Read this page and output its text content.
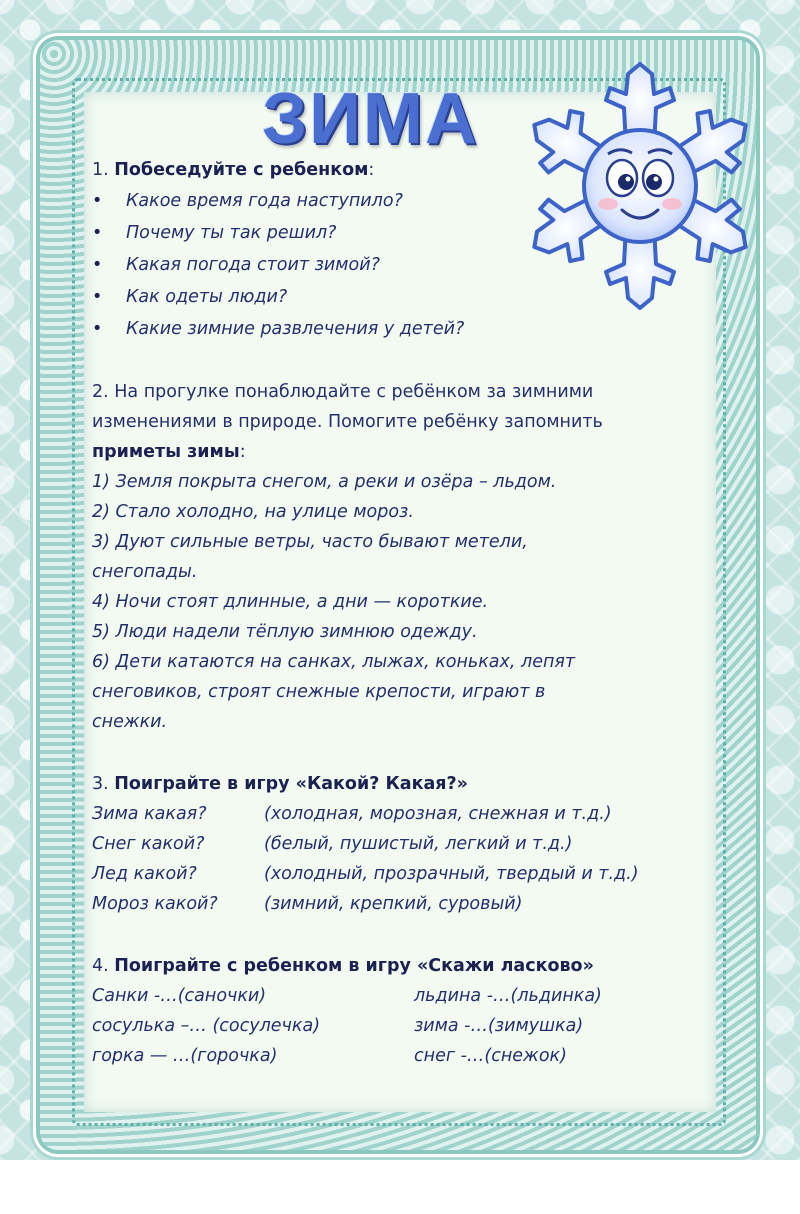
ЗИМА
1. Побеседуйте с ребенком:
• Какое время года наступило?
• Почему ты так решил?
• Какая погода стоит зимой?
• Как одеты люди?
• Какие зимние развлечения у детей?
2. На прогулке понаблюдайте с ребёнком за зимними
изменениями в природе. Помогите ребёнку запомнить
приметы зимы:
1) Земля покрыта снегом, а реки и озёра – льдом.
2) Стало холодно, на улице мороз.
3) Дуют сильные ветры, часто бывают метели,
снегопады.
4) Ночи стоят длинные, а дни — короткие.
5) Люди надели тёплую зимнюю одежду.
6) Дети катаются на санках, лыжах, коньках, лепят
снеговиков, строят снежные крепости, играют в
снежки.
3. Поиграйте в игру «Какой? Какая?»
Зима какая?	(холодная, морозная, снежная и т.д.)
Снег какой?	(белый, пушистый, легкий и т.д.)
Лед какой?	(холодный, прозрачный, твердый и т.д.)
Мороз какой?	(зимний, крепкий, суровый)
4. Поиграйте с ребенком в игру «Скажи ласково»
Санки -…(саночки)	льдина -…(льдинка)
сосулька –… (сосулечка)	зима -…(зимушка)
горка — …(горочка)	снег -…(снежок)
